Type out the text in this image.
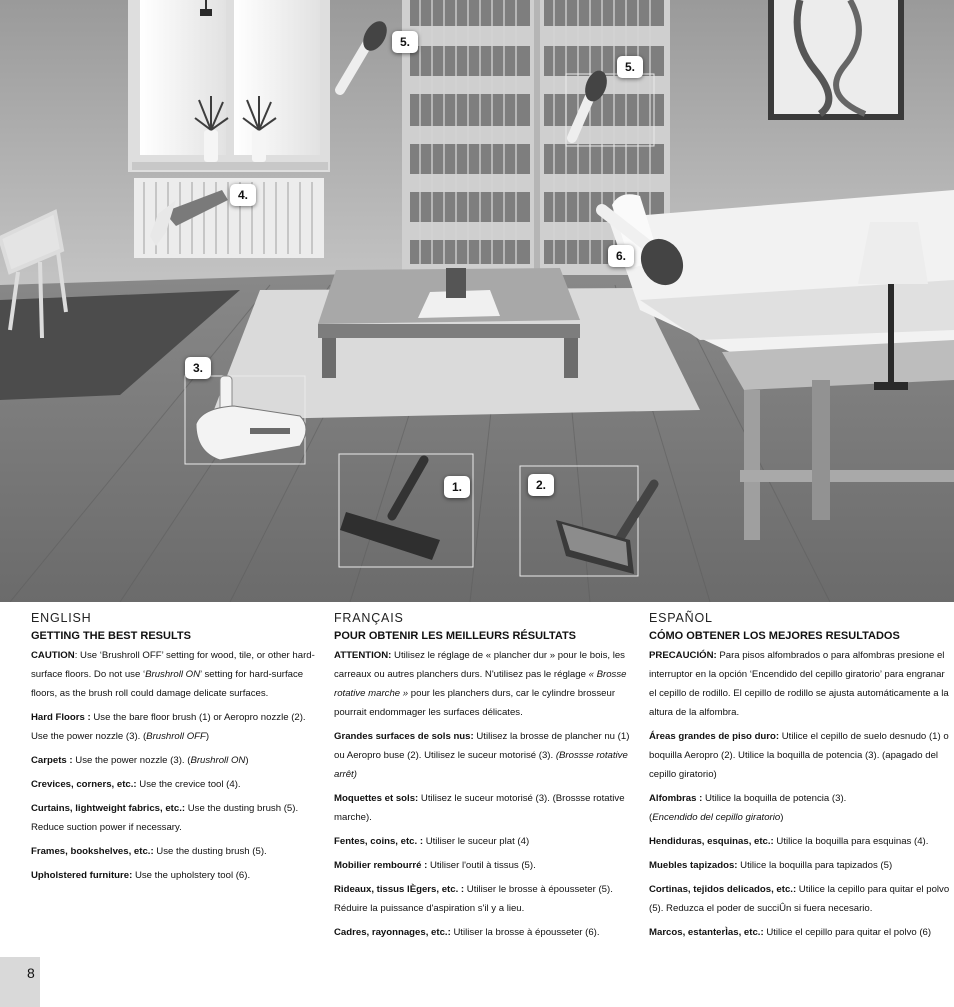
1.	2.
3.
4.
5.
5.
6.
ENGLISH
GETTING THE BEST RESULTS

CAUTION: Use ‘Brushroll OFF’ setting for wood, tile, or other hard-surface floors. Do not use ‘Brushroll ON’ setting for hard-surface floors, as the brush roll could damage delicate surfaces.

Hard Floors : Use the bare floor brush (1) or Aeropro nozzle (2). Use the power nozzle (3). (Brushroll OFF)

Carpets : Use the power nozzle (3). (Brushroll ON)

Crevices, corners, etc.: Use the crevice tool (4).

Curtains, lightweight fabrics, etc.: Use the dusting brush (5). Reduce suction power if necessary.

Frames, bookshelves, etc.: Use the dusting brush (5).

Upholstered furniture: Use the upholstery tool (6).

FRANÇAIS
POUR OBTENIR LES MEILLEURS RÉSULTATS

ATTENTION: Utilisez le réglage de « plancher dur » pour le bois, les carreaux ou autres planchers durs. N'utilisez pas le réglage « Brosse rotative marche » pour les planchers durs, car le cylindre brosseur pourrait endommager les surfaces délicates.

Grandes surfaces de sols nus: Utilisez la brosse de plancher nu (1) ou Aeropro buse (2). Utilisez le suceur motorisé (3). (Brossse rotative arrêt)

Moquettes et sols: Utilisez le suceur motorisé (3). (Brossse rotative marche).

Fentes, coins, etc. : Utiliser le suceur plat (4)

Mobilier rembourré : Utiliser l'outil à tissus (5).

Rideaux, tissus lÈgers, etc. : Utiliser le brosse à épousseter (5). Réduire la puissance d'aspiration s'il y a lieu.

Cadres, rayonnages, etc.: Utiliser la brosse à épousseter (6).

ESPAÑOL
CÓMO OBTENER LOS MEJORES RESULTADOS

PRECAUCIÓN: Para pisos alfombrados o para alfombras presione el interruptor en la opción ‘Encendido del cepillo giratorio’ para engranar el cepillo de rodillo. El cepillo de rodillo se ajusta automáticamente a la altura de la alfombra.

Áreas grandes de piso duro: Utilice el cepillo de suelo desnudo (1) o boquilla Aeropro (2). Utilice la boquilla de potencia (3). (apagado del cepillo giratorio)

Alfombras : Utilice la boquilla de potencia (3).
(Encendido del cepillo giratorio)

Hendiduras, esquinas, etc.: Utilice la boquilla para esquinas (4).

Muebles tapizados: Utilice la boquilla para tapizados (5)

Cortinas, tejidos delicados, etc.: Utilice la cepillo para quitar el polvo (5). Reduzca el poder de succiÛn si fuera necesario.

Marcos, estanterÌas, etc.: Utilice el cepillo para quitar el polvo (6)

8
